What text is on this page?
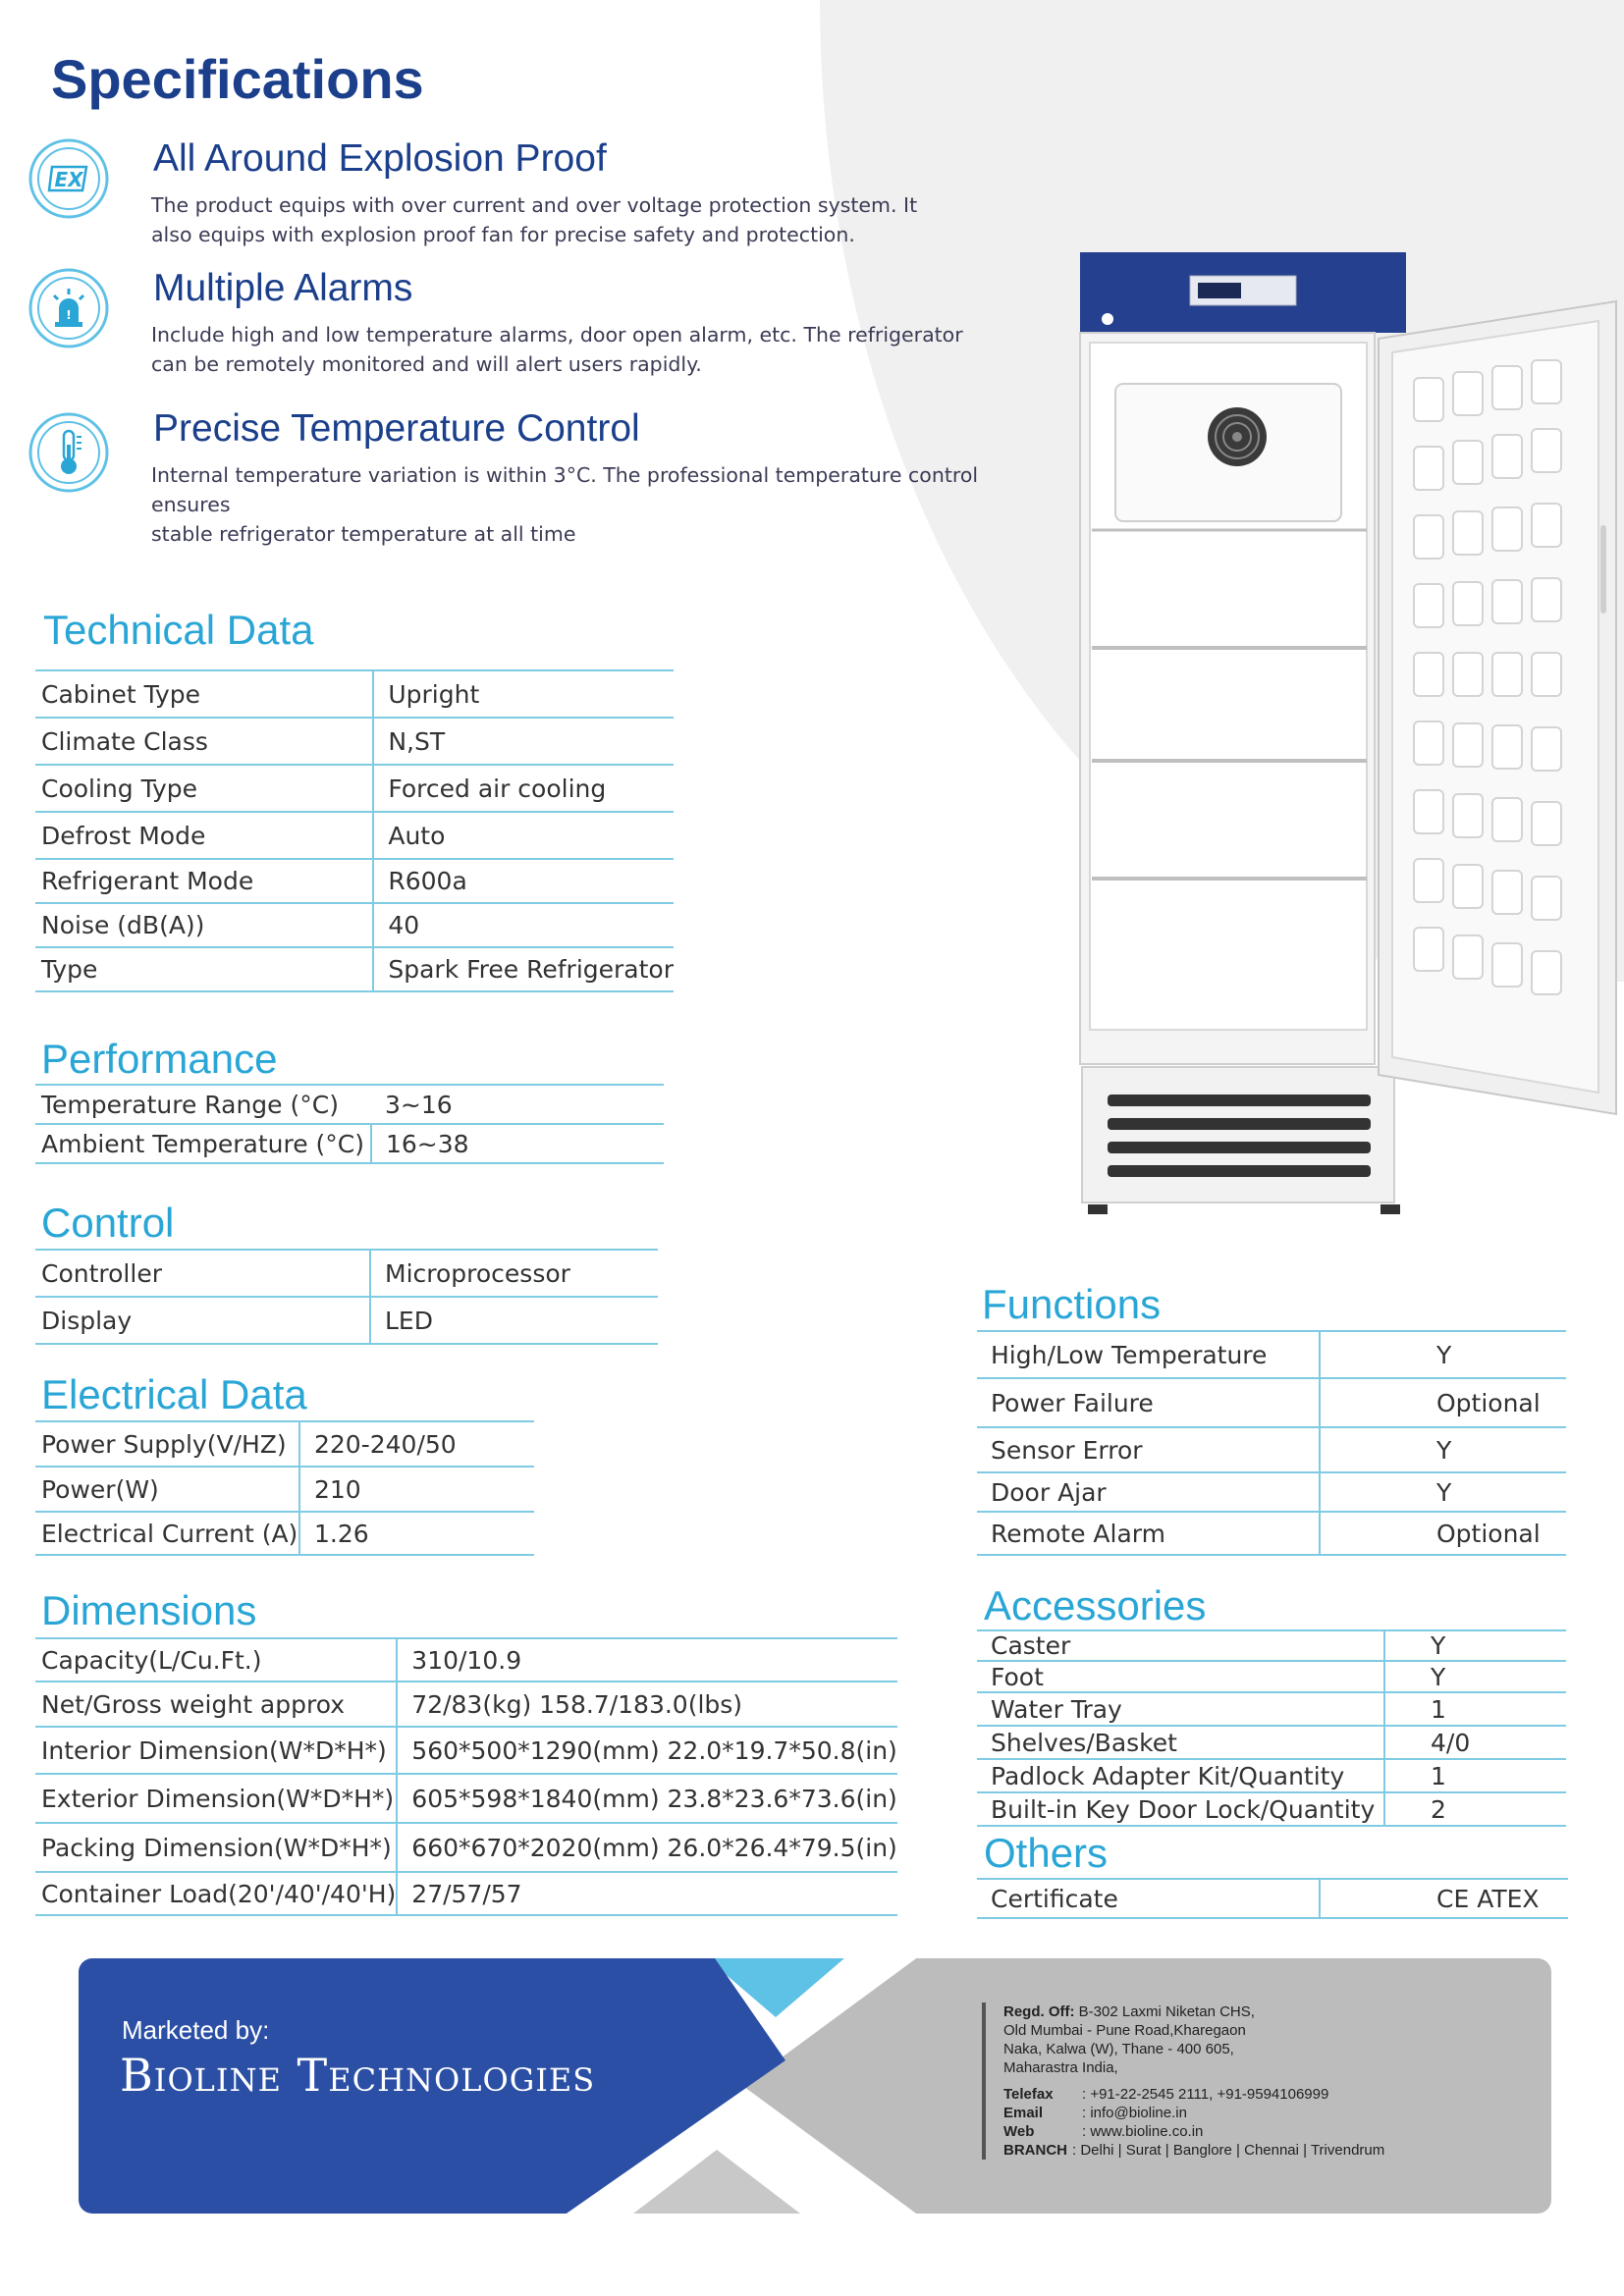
Specifications
EX All Around Explosion Proof

The product equips with over current and over voltage protection system. It
also equips with explosion proof fan for precise safety and protection.

!
Multiple Alarms

Include high and low temperature alarms, door open alarm, etc. The refrigerator
can be remotely monitored and will alert users rapidly.

Precise Temperature Control

Internal temperature variation is within 3°C. The professional temperature control ensures
stable refrigerator temperature at all time

Technical Data
Cabinet Type	Upright
Climate Class	N,ST
Cooling Type	Forced air cooling
Defrost Mode	Auto
Refrigerant Mode	R600a
Noise (dB(A))	40
Type	Spark Free Refrigerator
Performance
Temperature Range (°C)	3~16
Ambient Temperature (°C)	16~38
Control
Controller	Microprocessor
Display	LED
Electrical Data
Power Supply(V/HZ)	220-240/50
Power(W)	210
Electrical Current (A)	1.26
Dimensions
Capacity(L/Cu.Ft.)	310/10.9
Net/Gross weight approx	72/83(kg) 158.7/183.0(lbs)
Interior Dimension(W*D*H*)	560*500*1290(mm) 22.0*19.7*50.8(in)
Exterior Dimension(W*D*H*)	605*598*1840(mm) 23.8*23.6*73.6(in)
Packing Dimension(W*D*H*)	660*670*2020(mm) 26.0*26.4*79.5(in)
Container Load(20'/40'/40'H)	27/57/57
Functions
High/Low Temperature	Y
Power Failure	Optional
Sensor Error	Y
Door Ajar	Y
Remote Alarm	Optional
Accessories
Caster	Y
Foot	Y
Water Tray	1
Shelves/Basket	4/0
Padlock Adapter Kit/Quantity	1
Built-in Key Door Lock/Quantity	2
Others
Certificate	CE ATEX
Marketed by:
Bioline Technologies
Regd. Off: B-302 Laxmi Niketan CHS,
Old Mumbai - Pune Road,Kharegaon
Naka, Kalwa (W), Thane - 400 605,
Maharastra India,
Telefax	: +91-22-2545 2111, +91-9594106999
Email	: info@bioline.in
Web	: www.bioline.co.in
BRANCH : Delhi | Surat | Banglore | Chennai | Trivendrum
